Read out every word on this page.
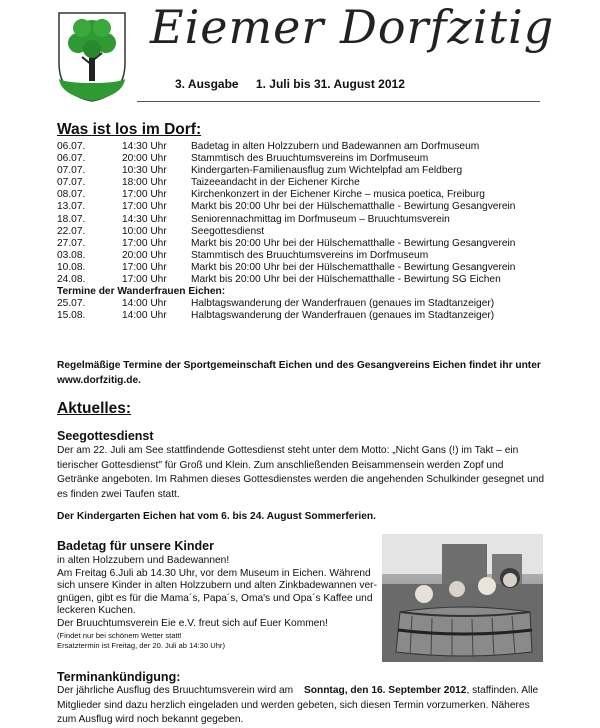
Eiemer Dorfzitig
3. Ausgabe 1. Juli bis 31. August 2012
Was ist los im Dorf:
06.07.	14:30 Uhr	Badetag in alten Holzzubern und Badewannen am Dorfmuseum
06.07.	20:00 Uhr	Stammtisch des Bruuchtumsvereins im Dorfmuseum
07.07.	10:30 Uhr	Kindergarten-Familienausflug zum Wichtelpfad am Feldberg
07.07.	18:00 Uhr	Taizeeandacht in der Eichener Kirche
08.07.	17:00 Uhr	Kirchenkonzert in der Eichener Kirche – musica poetica, Freiburg
13.07.	17:00 Uhr	Markt bis 20:00 Uhr bei der Hülschematthalle - Bewirtung Gesangverein
18.07.	14:30 Uhr	Seniorennachmittag im Dorfmuseum – Bruuchtumsverein
22.07.	10:00 Uhr	Seegottesdienst
27.07.	17:00 Uhr	Markt bis 20:00 Uhr bei der Hülschematthalle - Bewirtung Gesangverein
03.08.	20:00 Uhr	Stammtisch des Bruuchtumsvereins im Dorfmuseum
10.08.	17:00 Uhr	Markt bis 20:00 Uhr bei der Hülschematthalle - Bewirtung Gesangverein
24.08.	17:00 Uhr	Markt bis 20:00 Uhr bei der Hülschematthalle - Bewirtung SG Eichen
Termine der Wanderfrauen Eichen:
25.07.	14:00 Uhr	Halbtagswanderung der Wanderfrauen (genaues im Stadtanzeiger)
15.08.	14:00 Uhr	Halbtagswanderung der Wanderfrauen (genaues im Stadtanzeiger)
Regelmäßige Termine der Sportgemeinschaft Eichen und des Gesangvereins Eichen findet ihr unter
www.dorfzitig.de.
Aktuelles:
Seegottesdienst
Der am 22. Juli am See stattfindende Gottesdienst steht unter dem Motto: „Nicht Gans (!) im Takt – ein
tierischer Gottesdienst" für Groß und Klein. Zum anschließenden Beisammensein werden Zopf und
Getränke angeboten. Im Rahmen dieses Gottesdienstes werden die angehenden Schulkinder gesegnet und
es finden zwei Taufen statt.
Der Kindergarten Eichen hat vom 6. bis 24. August Sommerferien.
Badetag für unsere Kinder
in alten Holzzubern und Badewannen!
Am Freitag 6.Juli ab 14.30 Uhr, vor dem Museum in Eichen. Während
sich unsere Kinder in alten Holzzubern und alten Zinkbadewannen ver-
gnügen, gibt es für die Mama´s, Papa´s, Oma's und Opa´s Kaffee und
leckeren Kuchen.
Der Bruuchtumsverein Eie e.V. freut sich auf Euer Kommen!
(Findet nur bei schönem Wetter statt!
Ersatztermin ist Freitag, der 20. Juli ab 14:30 Uhr)
Terminankündigung:
Der jährliche Ausflug des Bruuchtumsverein wird am Sonntag, den 16. September 2012, staffinden. Alle
Mitglieder sind dazu herzlich eingeladen und werden gebeten, sich diesen Termin vorzumerken. Näheres
zum Ausflug wird noch bekannt gegeben.
